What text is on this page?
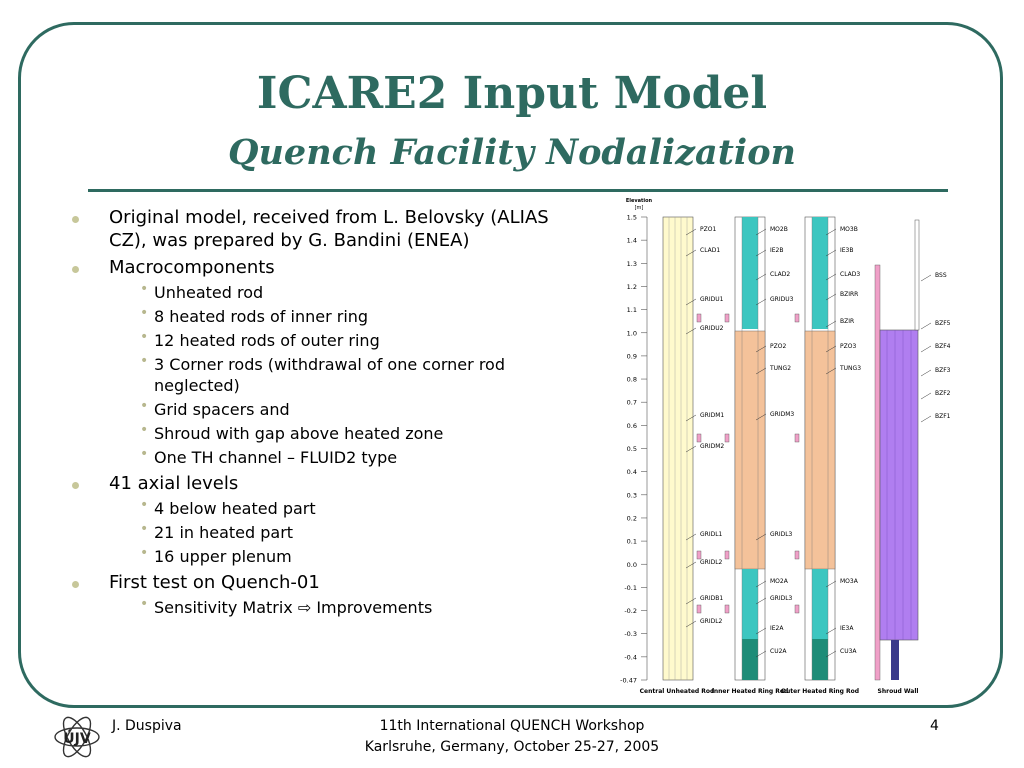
ICARE2 Input Model
Quench Facility Nodalization
Original model, received from L. Belovsky (ALIAS CZ), was prepared by G. Bandini (ENEA)
Macrocomponents
• Unheated rod
• 8 heated rods of inner ring
• 12 heated rods of outer ring
• 3 Corner rods (withdrawal of one corner rod neglected)
• Grid spacers and
• Shroud with gap above heated zone
• One TH channel – FLUID2 type
41 axial levels
• 4 below heated part
• 21 in heated part
• 16 upper plenum
First test on Quench-01
• Sensitivity Matrix ⇨ Improvements
Elevation
[m]
1.5
1.4
1.3
1.2
1.1
1.0
0.9
0.8
0.7
0.6
0.5
0.4
0.3
0.2
0.1
0.0
-0.1
-0.2
-0.3
-0.4
-0.47
PZO1
CLAD1
GRIDU1
GRIDU2
GRIDM1
GRIDM2
GRIDL1
GRIDL2
GRIDB1
GRIDL2
MO2B
IE2B
CLAD2
GRIDU3
PZO2
TUNG2
GRIDM3
GRIDL3
MO2A
GRIDL3
IE2A
CU2A
MO3B
IE3B
CLAD3
BZIRR
BZIR
PZO3
TUNG3
MO3A
IE3A
CU3A
BSS
BZF5
BZF4
BZF3
BZF2
BZF1
Central Unheated Rod
Inner Heated Ring Rod
Outer Heated Ring Rod	Shroud Wall
ÚJV
J. Duspiva	11th International QUENCH Workshop
Karlsruhe, Germany, October 25-27, 2005
4
